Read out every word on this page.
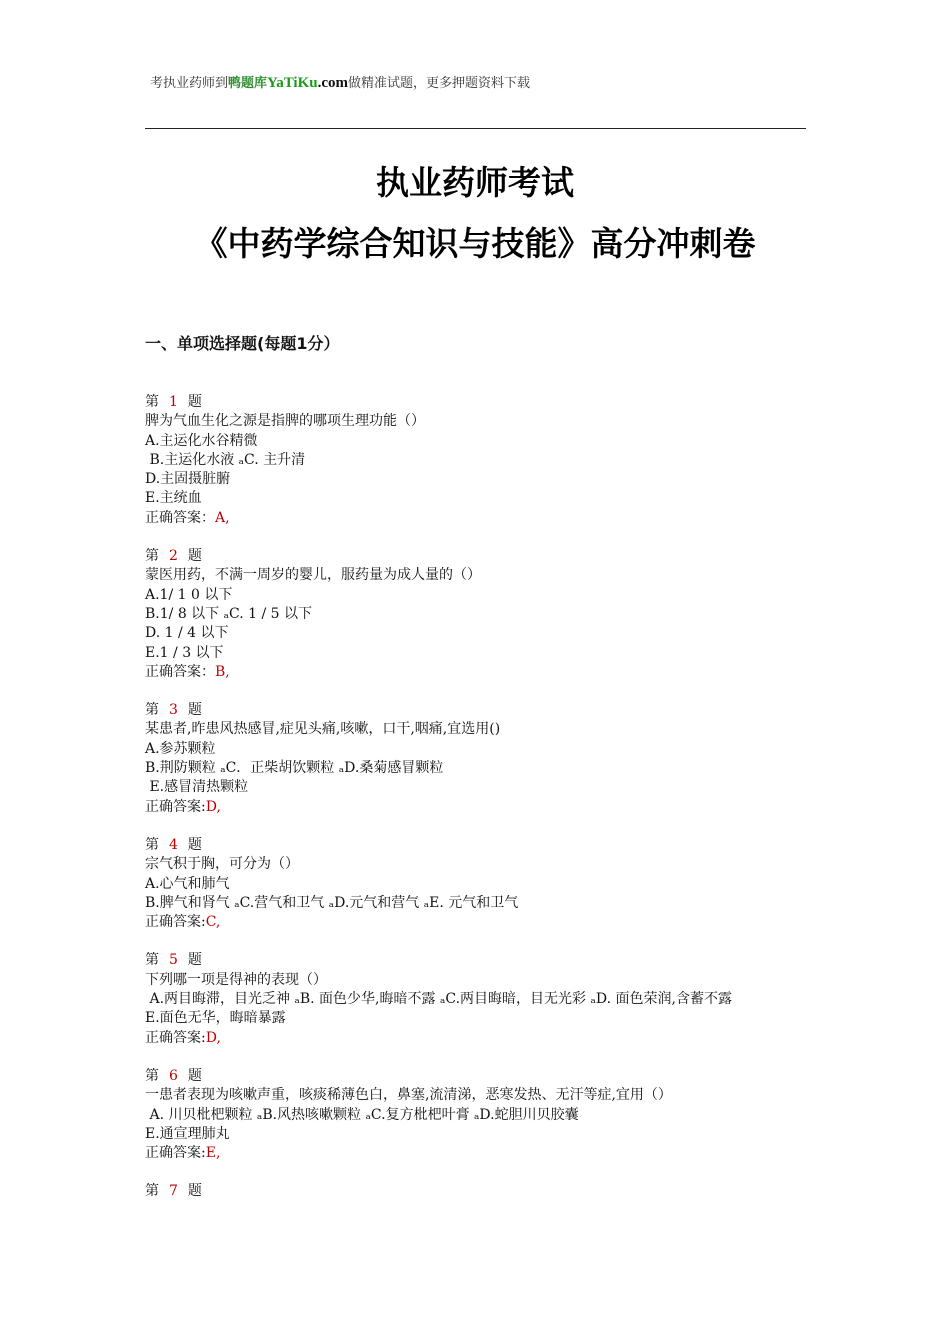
考执业药师到鸭题库YaTiKu.com做精准试题，更多押题资料下载
执业药师考试
《中药学综合知识与技能》高分冲刺卷
一、单项选择题(每题1分）
第 1 题
脾为气血生化之源是指脾的哪项生理功能（）
A.主运化水谷精微
B.主运化水液 ﻿ₐC. 主升清
D.主固摄脏腑
E.主统血
正确答案：A,
第 2 题
蒙医用药，不满一周岁的婴儿，服药量为成人量的（）
A.1/ 1 0 以下
B.1/ 8 以下 ₐC. 1 / 5 以下
D. 1 / 4 以下
E.1 / 3 以下
正确答案：B,
第 3 题
某患者,昨患风热感冒,症见头痛,咳嗽，口干,咽痛,宜选用()
A.参苏颗粒
B.荆防颗粒 ₐC．正柴胡饮颗粒 ₐD.桑菊感冒颗粒
E.感冒清热颗粒
正确答案:D,
第 4 题
宗气积于胸，可分为（）
A.心气和肺气
B.脾气和肾气 ₐC.营气和卫气 ₐD.元气和营气 ₐE. 元气和卫气
正确答案:C,
第 5 题
下列哪一项是得神的表现（）
A.两目晦滞，目光乏神 ₐB. 面色少华,晦暗不露 ₐC.两目晦暗，目无光彩 ₐD. 面色荣润,含蓄不露
E.面色无华，晦暗暴露
正确答案:D,
第 6 题
一患者表现为咳嗽声重，咳痰稀薄色白，鼻塞,流清涕，恶寒发热、无汗等症,宜用（）
A. 川贝枇杷颗粒 ₐB.风热咳嗽颗粒 ₐC.复方枇杷叶膏 ₐD.蛇胆川贝胶囊
E.通宣理肺丸
正确答案:E,
第 7 题
